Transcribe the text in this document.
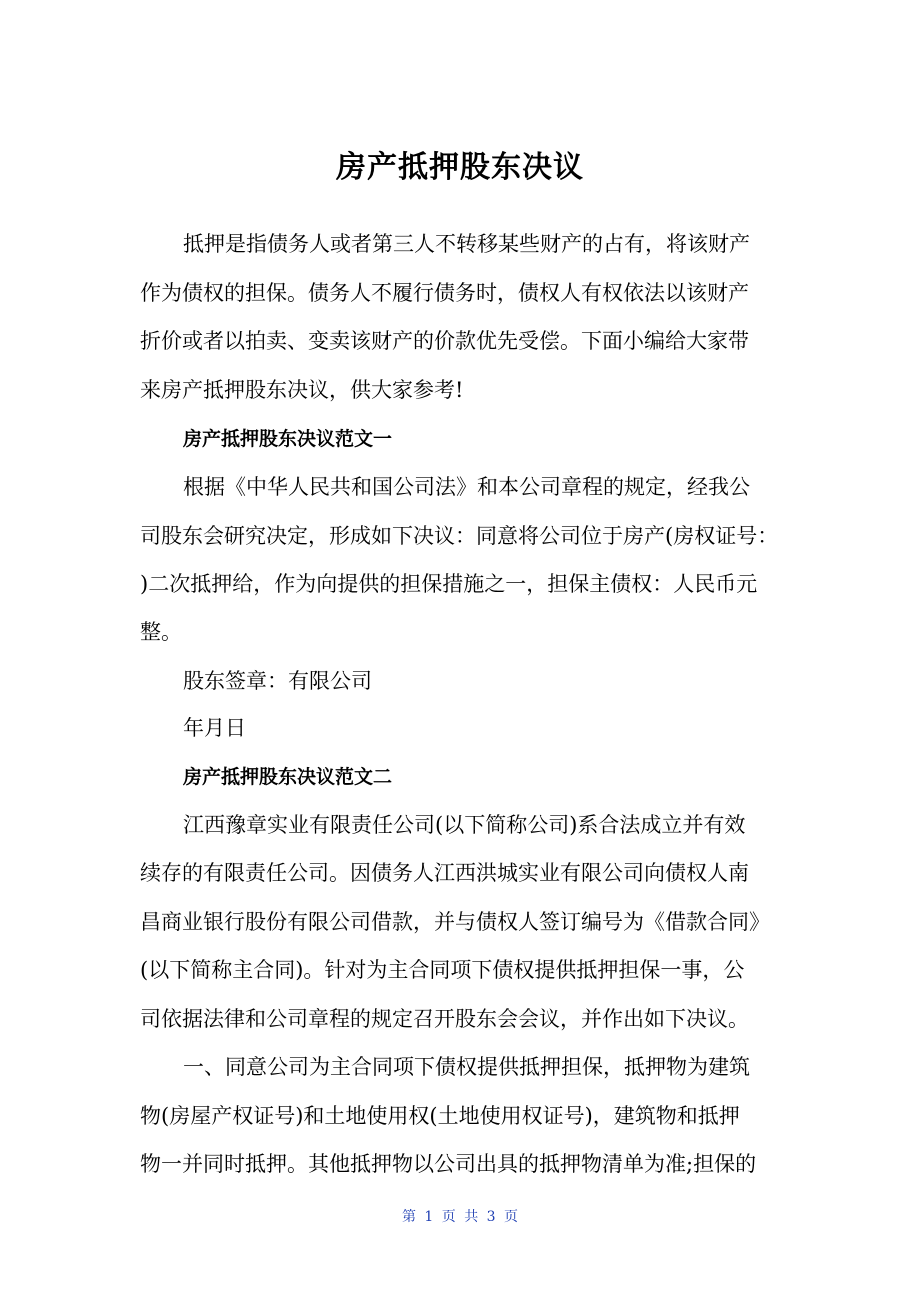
房产抵押股东决议
抵押是指债务人或者第三人不转移某些财产的占有，将该财产
作为债权的担保。债务人不履行债务时，债权人有权依法以该财产
折价或者以拍卖、变卖该财产的价款优先受偿。下面小编给大家带
来房产抵押股东决议，供大家参考!
房产抵押股东决议范文一
根据《中华人民共和国公司法》和本公司章程的规定，经我公
司股东会研究决定，形成如下决议：同意将公司位于房产(房权证号：
)二次抵押给，作为向提供的担保措施之一，担保主债权：人民币元
整。
股东签章：有限公司
年月日
房产抵押股东决议范文二
江西豫章实业有限责任公司(以下简称公司)系合法成立并有效
续存的有限责任公司。因债务人江西洪城实业有限公司向债权人南
昌商业银行股份有限公司借款，并与债权人签订编号为《借款合同》
(以下简称主合同)。针对为主合同项下债权提供抵押担保一事，公
司依据法律和公司章程的规定召开股东会会议，并作出如下决议。
一、同意公司为主合同项下债权提供抵押担保，抵押物为建筑
物(房屋产权证号)和土地使用权(土地使用权证号)，建筑物和抵押
物一并同时抵押。其他抵押物以公司出具的抵押物清单为准;担保的
第 1 页 共 3 页
